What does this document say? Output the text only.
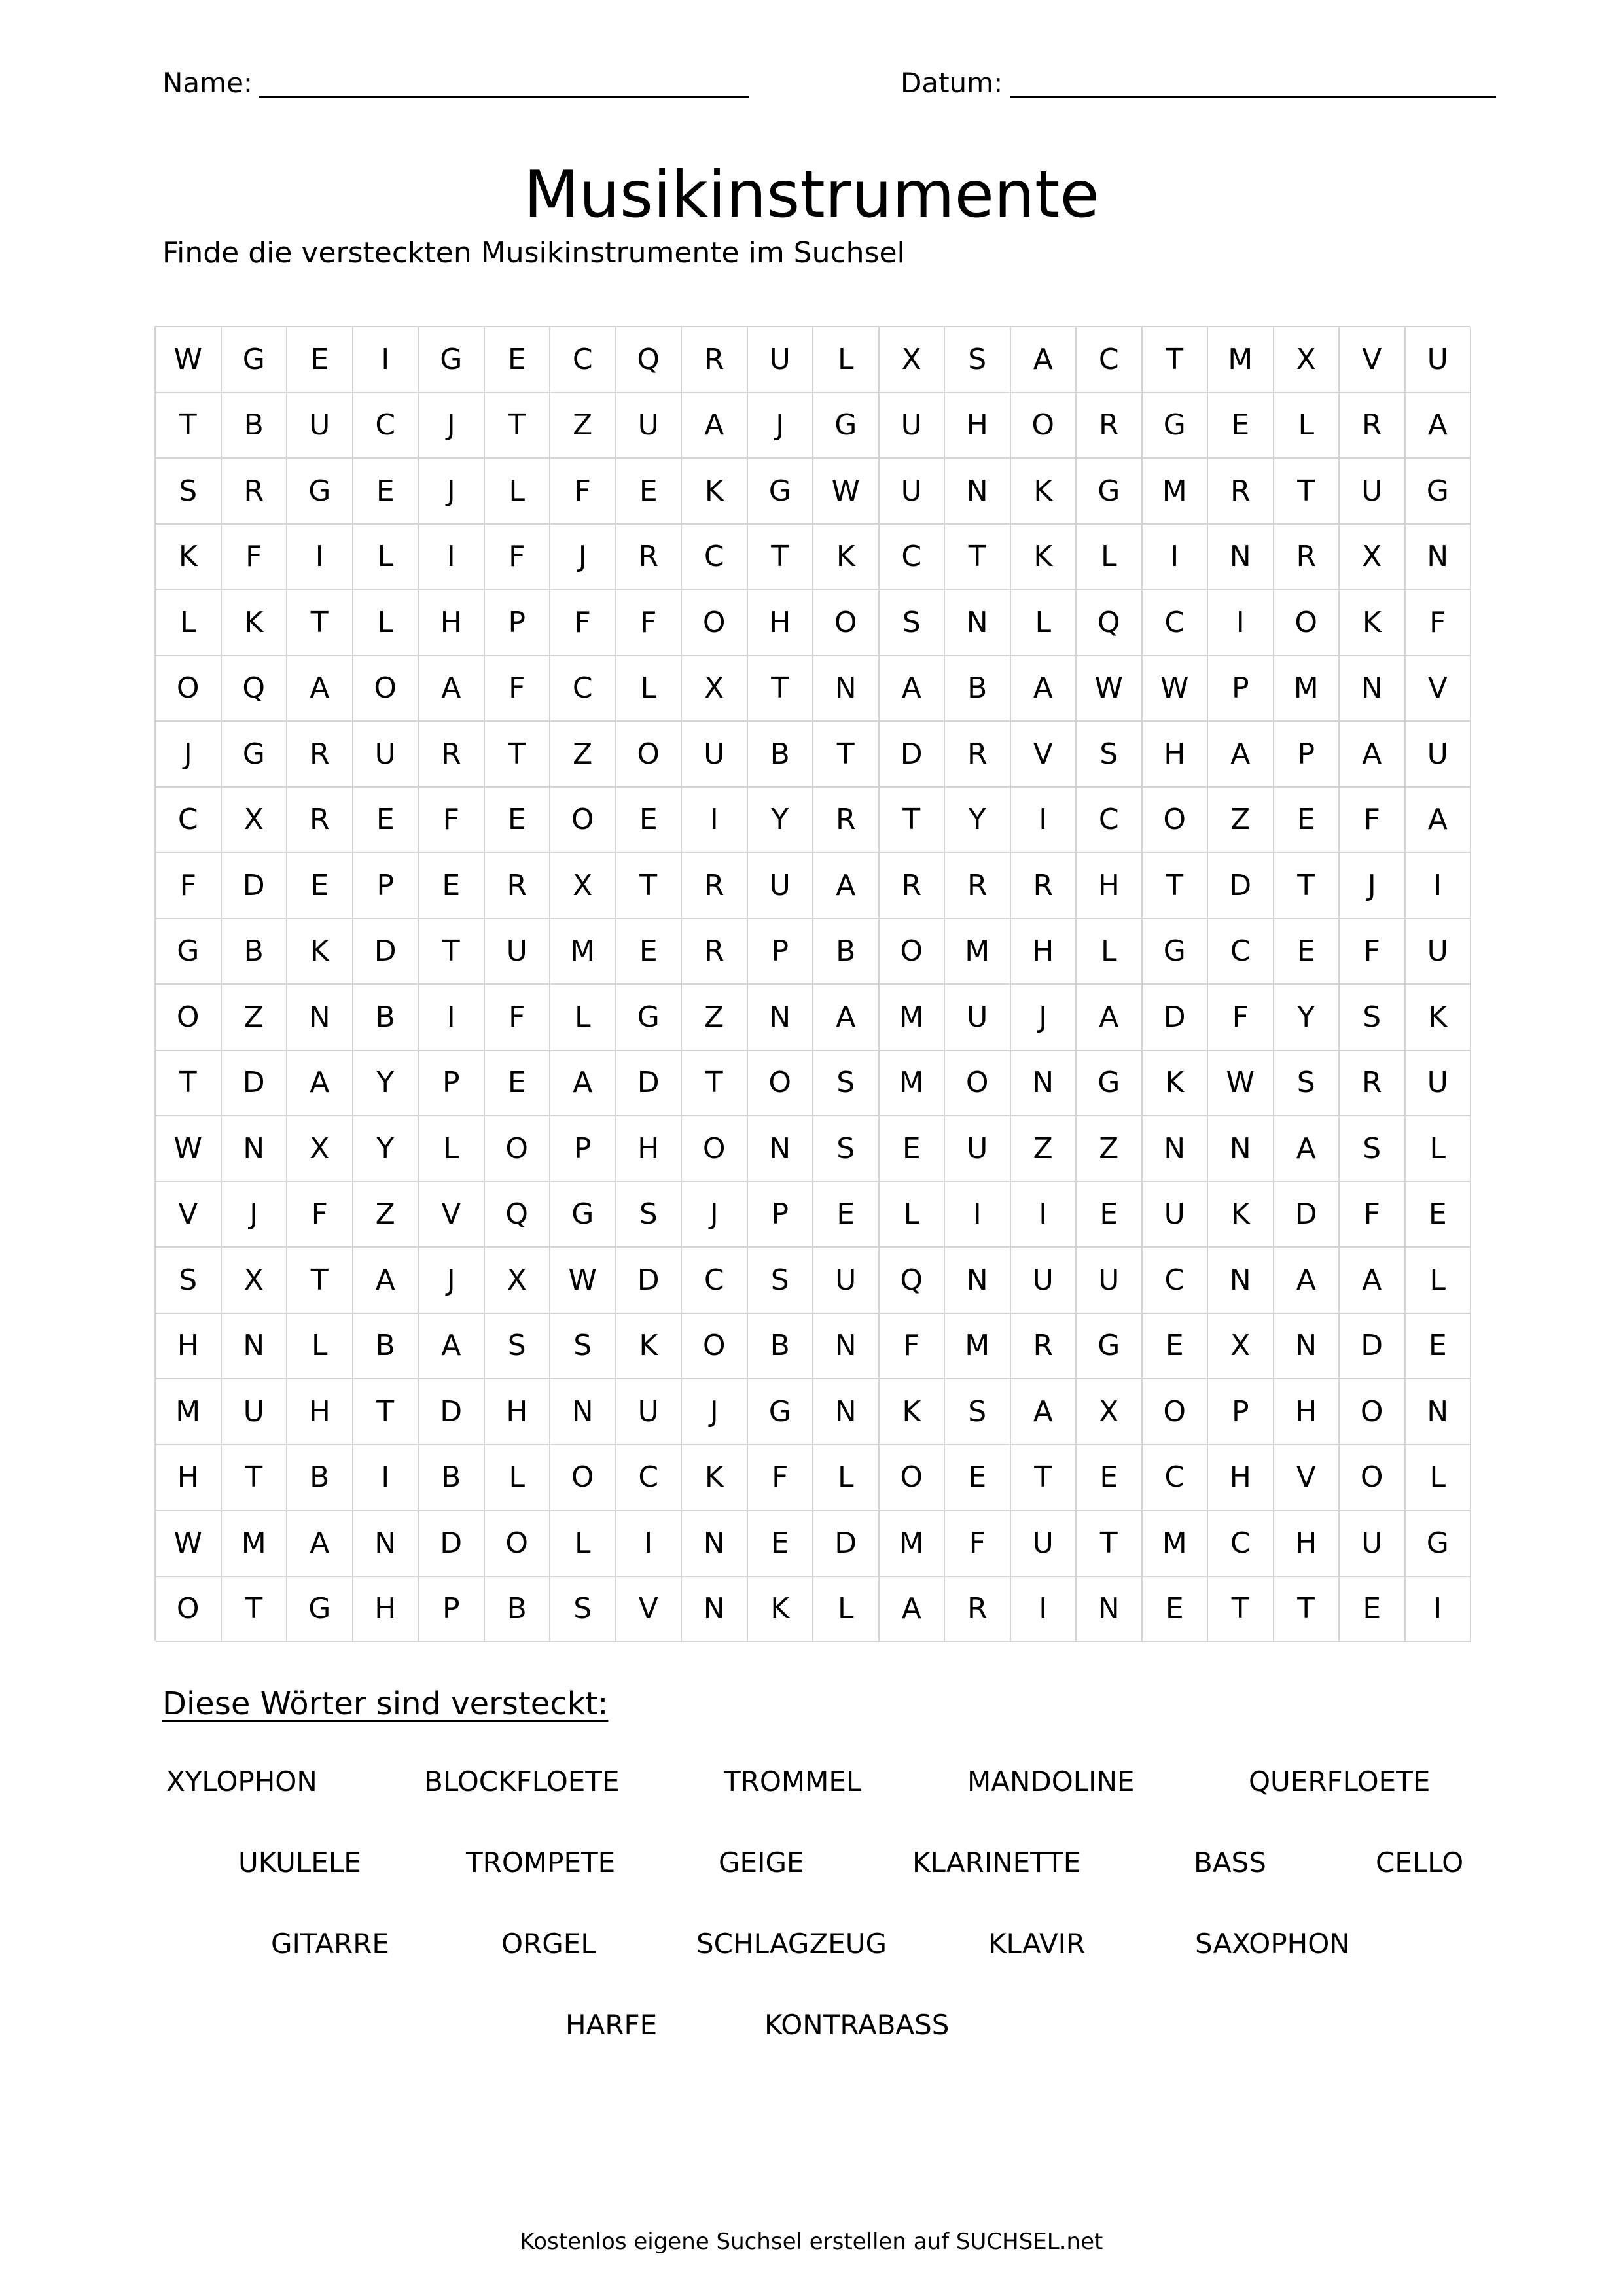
Name:	Datum:
Musikinstrumente
Finde die versteckten Musikinstrumente im Suchsel
W	G	E	I	G	E	C	Q	R	U	L	X	S	A	C	T	M	X	V	U
T	B	U	C	J	T	Z	U	A	J	G	U	H	O	R	G	E	L	R	A
S	R	G	E	J	L	F	E	K	G	W	U	N	K	G	M	R	T	U	G
K	F	I	L	I	F	J	R	C	T	K	C	T	K	L	I	N	R	X	N
L	K	T	L	H	P	F	F	O	H	O	S	N	L	Q	C	I	O	K	F
O	Q	A	O	A	F	C	L	X	T	N	A	B	A	W	W	P	M	N	V
J	G	R	U	R	T	Z	O	U	B	T	D	R	V	S	H	A	P	A	U
C	X	R	E	F	E	O	E	I	Y	R	T	Y	I	C	O	Z	E	F	A
F	D	E	P	E	R	X	T	R	U	A	R	R	R	H	T	D	T	J	I
G	B	K	D	T	U	M	E	R	P	B	O	M	H	L	G	C	E	F	U
O	Z	N	B	I	F	L	G	Z	N	A	M	U	J	A	D	F	Y	S	K
T	D	A	Y	P	E	A	D	T	O	S	M	O	N	G	K	W	S	R	U
W	N	X	Y	L	O	P	H	O	N	S	E	U	Z	Z	N	N	A	S	L
V	J	F	Z	V	Q	G	S	J	P	E	L	I	I	E	U	K	D	F	E
S	X	T	A	J	X	W	D	C	S	U	Q	N	U	U	C	N	A	A	L
H	N	L	B	A	S	S	K	O	B	N	F	M	R	G	E	X	N	D	E
M	U	H	T	D	H	N	U	J	G	N	K	S	A	X	O	P	H	O	N
H	T	B	I	B	L	O	C	K	F	L	O	E	T	E	C	H	V	O	L
W	M	A	N	D	O	L	I	N	E	D	M	F	U	T	M	C	H	U	G
O	T	G	H	P	B	S	V	N	K	L	A	R	I	N	E	T	T	E	I
Diese Wörter sind versteckt:
XYLOPHON	BLOCKFLOETE	TROMMEL	MANDOLINE	QUERFLOETE
UKULELE	TROMPETE	GEIGE	KLARINETTE	BASS	CELLO
GITARRE	ORGEL	SCHLAGZEUG	KLAVIR	SAXOPHON
HARFE	KONTRABASS
Kostenlos eigene Suchsel erstellen auf SUCHSEL.net
